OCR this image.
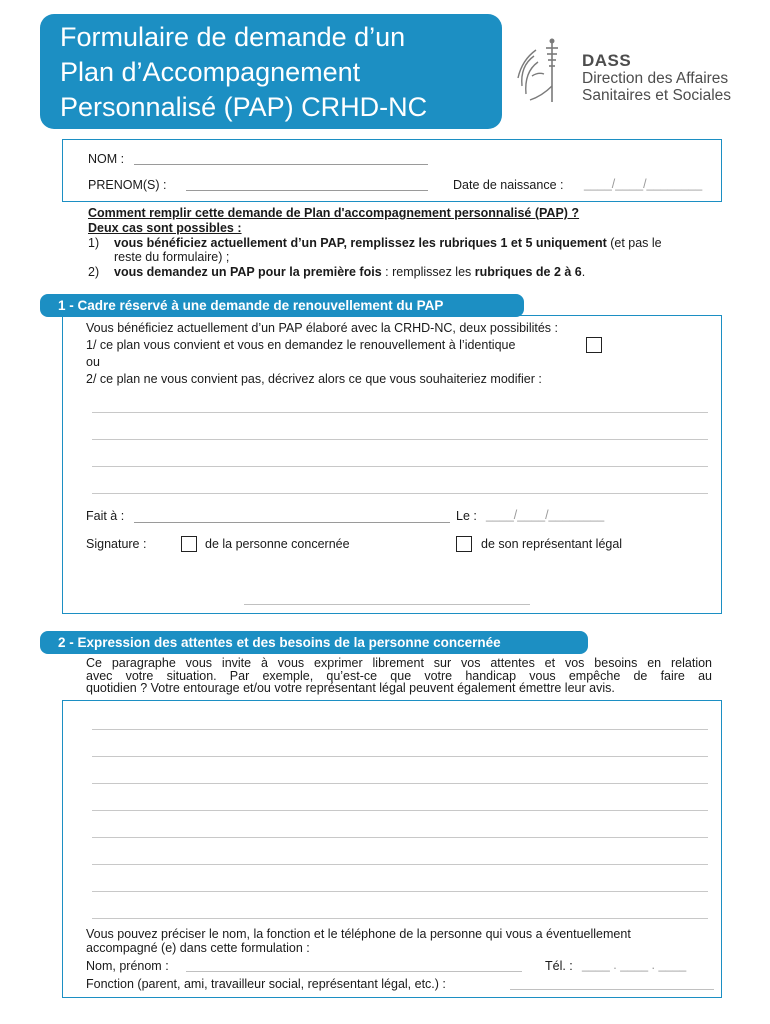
Formulaire de demande d’un
Plan d’Accompagnement
Personnalisé (PAP) CRHD-NC
DASS
Direction des Affaires
Sanitaires et Sociales
NOM :
PRENOM(S) :	Date de naissance : ____/____/________
Comment remplir cette demande de Plan d'accompagnement personnalisé (PAP) ?
Deux cas sont possibles :
1) vous bénéficiez actuellement d’un PAP, remplissez les rubriques 1 et 5 uniquement (et pas le
reste du formulaire) ;
2) vous demandez un PAP pour la première fois : remplissez les rubriques de 2 à 6.
1 - Cadre réservé à une demande de renouvellement du PAP
Vous bénéficiez actuellement d’un PAP élaboré avec la CRHD-NC, deux possibilités :
1/ ce plan vous convient et vous en demandez le renouvellement à l’identique
ou
2/ ce plan ne vous convient pas, décrivez alors ce que vous souhaiteriez modifier :
Fait à :	Le : ____/____/________
Signature :	de la personne concernée	de son représentant légal
2 - Expression des attentes et des besoins de la personne concernée
Ce paragraphe vous invite à vous exprimer librement sur vos attentes et vos besoins en relation
avec votre situation. Par exemple, qu’est-ce que votre handicap vous empêche de faire au
quotidien ? Votre entourage et/ou votre représentant légal peuvent également émettre leur avis.
Vous pouvez préciser le nom, la fonction et le téléphone de la personne qui vous a éventuellement
accompagné (e) dans cette formulation :
Nom, prénom :	Tél. : ____ . ____ . ____
Fonction (parent, ami, travailleur social, représentant légal, etc.) :
